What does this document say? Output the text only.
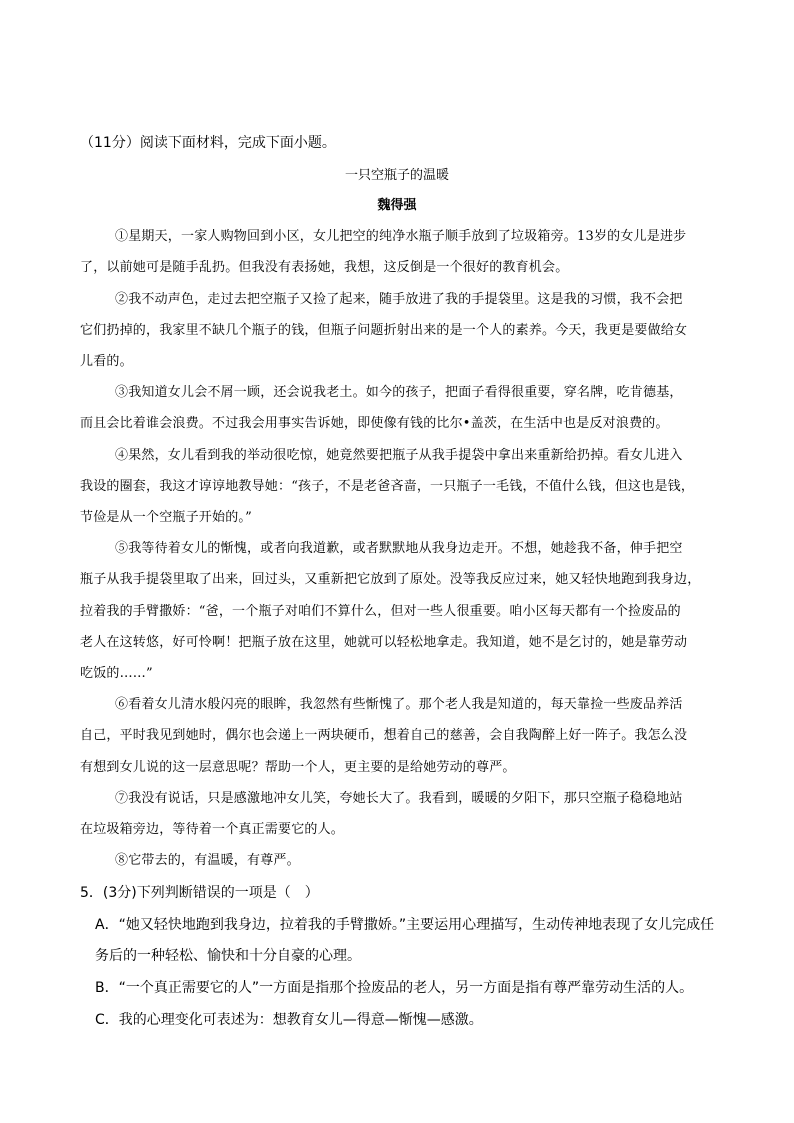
（11分）阅读下面材料，完成下面小题。
一只空瓶子的温暖
魏得强
①星期天，一家人购物回到小区，女儿把空的纯净水瓶子顺手放到了垃圾箱旁。13岁的女儿是进步
了，以前她可是随手乱扔。但我没有表扬她，我想，这反倒是一个很好的教育机会。
②我不动声色，走过去把空瓶子又捡了起来，随手放进了我的手提袋里。这是我的习惯，我不会把
它们扔掉的，我家里不缺几个瓶子的钱，但瓶子问题折射出来的是一个人的素养。今天，我更是要做给女
儿看的。
③我知道女儿会不屑一顾，还会说我老土。如今的孩子，把面子看得很重要，穿名牌，吃肯德基，
而且会比着谁会浪费。不过我会用事实告诉她，即使像有钱的比尔•盖茨，在生活中也是反对浪费的。
④果然，女儿看到我的举动很吃惊，她竟然要把瓶子从我手提袋中拿出来重新给扔掉。看女儿进入
我设的圈套，我这才谆谆地教导她：“孩子，不是老爸吝啬，一只瓶子一毛钱，不值什么钱，但这也是钱，
节俭是从一个空瓶子开始的。”
⑤我等待着女儿的惭愧，或者向我道歉，或者默默地从我身边走开。不想，她趁我不备，伸手把空
瓶子从我手提袋里取了出来，回过头，又重新把它放到了原处。没等我反应过来，她又轻快地跑到我身边，
拉着我的手臂撒娇：“爸，一个瓶子对咱们不算什么，但对一些人很重要。咱小区每天都有一个捡废品的
老人在这转悠，好可怜啊！把瓶子放在这里，她就可以轻松地拿走。我知道，她不是乞讨的，她是靠劳动
吃饭的……”
⑥看着女儿清水般闪亮的眼眸，我忽然有些惭愧了。那个老人我是知道的，每天靠捡一些废品养活
自己，平时我见到她时，偶尔也会递上一两块硬币，想着自己的慈善，会自我陶醉上好一阵子。我怎么没
有想到女儿说的这一层意思呢？帮助一个人，更主要的是给她劳动的尊严。
⑦我没有说话，只是感激地冲女儿笑，夸她长大了。我看到，暖暖的夕阳下，那只空瓶子稳稳地站
在垃圾箱旁边，等待着一个真正需要它的人。
⑧它带去的，有温暖，有尊严。
5．(3分)下列判断错误的一项是（　）
A．“她又轻快地跑到我身边，拉着我的手臂撒娇。”主要运用心理描写，生动传神地表现了女儿完成任
务后的一种轻松、愉快和十分自豪的心理。
B．“一个真正需要它的人”一方面是指那个捡废品的老人，另一方面是指有尊严靠劳动生活的人。
C．我的心理变化可表述为：想教育女儿—得意—惭愧—感激。
